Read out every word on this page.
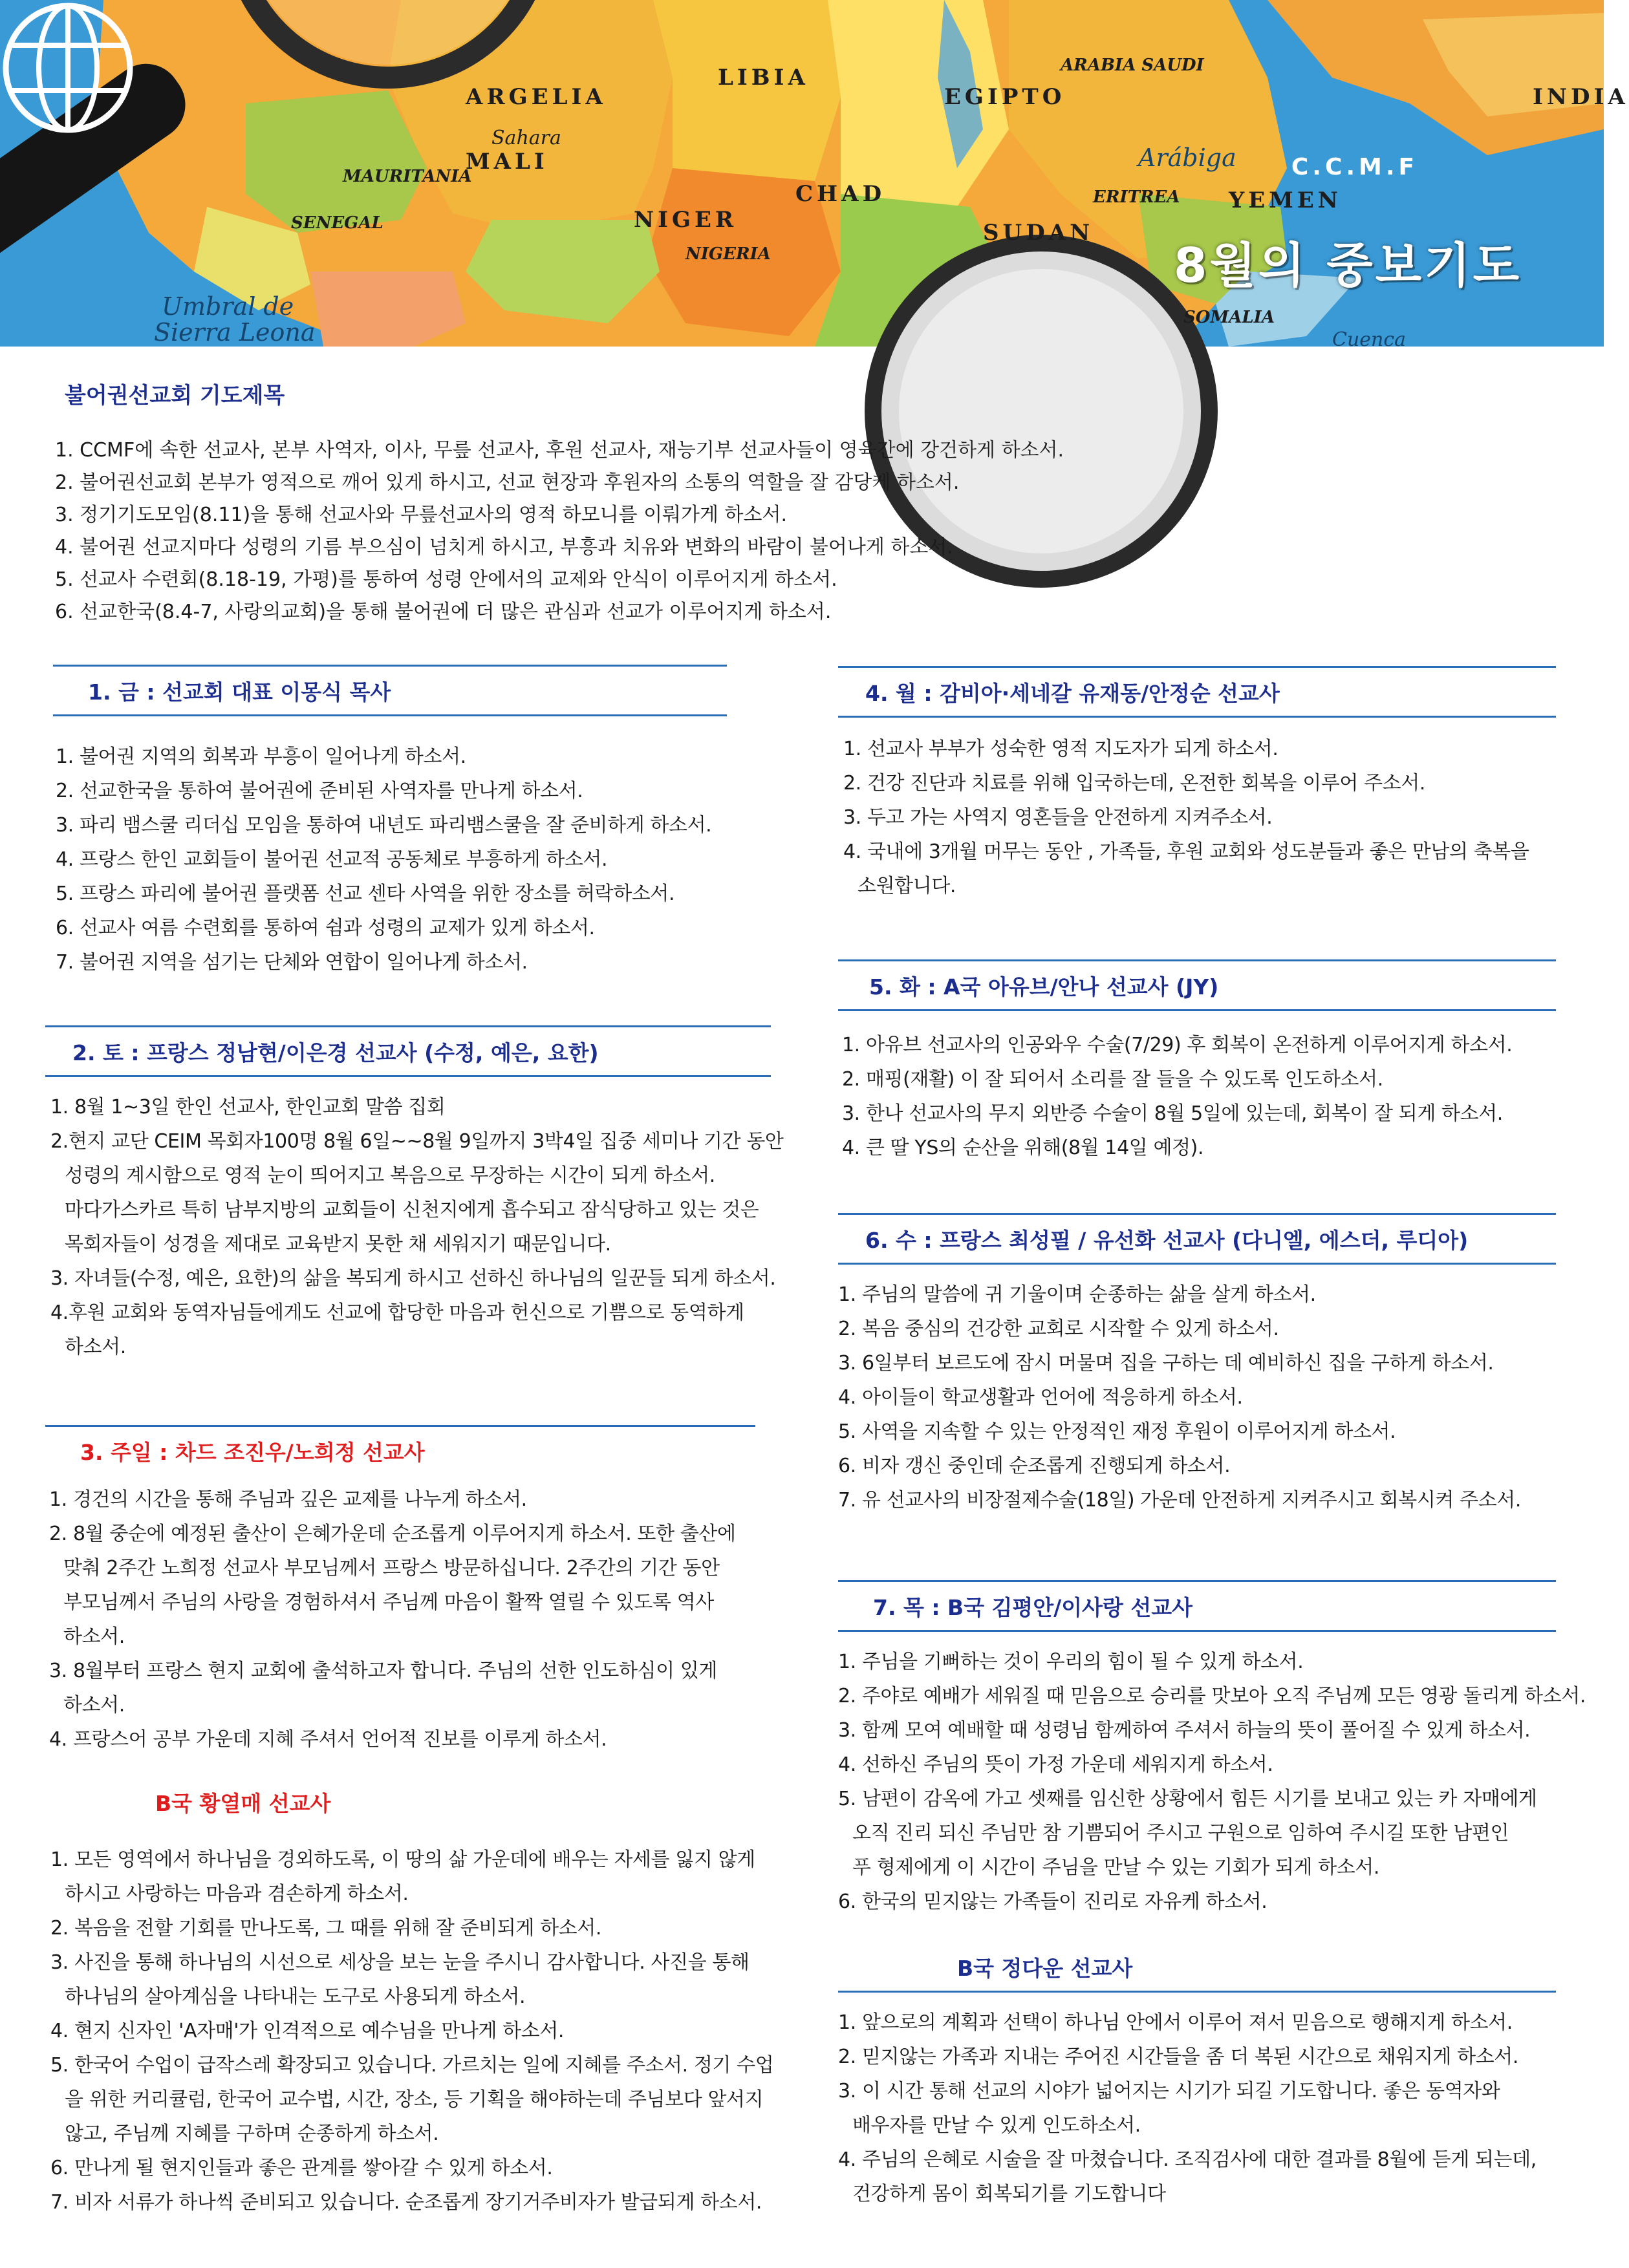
ARGELIA
LIBIA
EGIPTO
NIGER
CHAD
SUDAN
MALI
MAURITANIA
NIGERIA
YEMEN
ARABIA SAUDI
INDIA
SENEGAL
ERITREA
SOMALIA
Sahara
Umbral de
Sierra Leona
Arábiga
Cuenca
C.C.M.F
8월의 중보기도
불어권선교회 기도제목
1. CCMF에 속한 선교사, 본부 사역자, 이사, 무릎 선교사, 후원 선교사, 재능기부 선교사들이 영육간에 강건하게 하소서.
2. 불어권선교회 본부가 영적으로 깨어 있게 하시고, 선교 현장과 후원자의 소통의 역할을 잘 감당케 하소서.
3. 정기기도모임(8.11)을 통해 선교사와 무릎선교사의 영적 하모니를 이뤄가게 하소서.
4. 불어권 선교지마다 성령의 기름 부으심이 넘치게 하시고, 부흥과 치유와 변화의 바람이 불어나게 하소서.
5. 선교사 수련회(8.18-19, 가평)를 통하여 성령 안에서의 교제와 안식이 이루어지게 하소서.
6. 선교한국(8.4-7, 사랑의교회)을 통해 불어권에 더 많은 관심과 선교가 이루어지게 하소서.
1. 금 : 선교회 대표 이몽식 목사
1. 불어권 지역의 회복과 부흥이 일어나게 하소서.
2. 선교한국을 통하여 불어권에 준비된 사역자를 만나게 하소서.
3. 파리 뱀스쿨 리더십 모임을 통하여 내년도 파리뱀스쿨을 잘 준비하게 하소서.
4. 프랑스 한인 교회들이 불어권 선교적 공동체로 부흥하게 하소서.
5. 프랑스 파리에 불어권 플랫폼 선교 센타 사역을 위한 장소를 허락하소서.
6. 선교사 여름 수련회를 통하여 쉼과 성령의 교제가 있게 하소서.
7. 불어권 지역을 섬기는 단체와 연합이 일어나게 하소서.
2. 토 : 프랑스 정남현/이은경 선교사 (수정, 예은, 요한)
1. 8월 1~3일 한인 선교사, 한인교회 말씀 집회
2.현지 교단 CEIM 목회자100명 8월 6일~~8월 9일까지 3박4일 집중 세미나 기간 동안
성령의 계시함으로 영적 눈이 띄어지고 복음으로 무장하는 시간이 되게 하소서.
마다가스카르 특히 남부지방의 교회들이 신천지에게 흡수되고 잠식당하고 있는 것은
목회자들이 성경을 제대로 교육받지 못한 채 세워지기 때문입니다.
3. 자녀들(수정, 예은, 요한)의 삶을 복되게 하시고 선하신 하나님의 일꾼들 되게 하소서.
4.후원 교회와 동역자님들에게도 선교에 합당한 마음과 헌신으로 기쁨으로 동역하게
하소서.
3. 주일 : 차드 조진우/노희정 선교사
1. 경건의 시간을 통해 주님과 깊은 교제를 나누게 하소서.
2. 8월 중순에 예정된 출산이 은혜가운데 순조롭게 이루어지게 하소서. 또한 출산에
맞춰 2주간 노희정 선교사 부모님께서 프랑스 방문하십니다. 2주간의 기간 동안
부모님께서 주님의 사랑을 경험하셔서 주님께 마음이 활짝 열릴 수 있도록 역사
하소서.
3. 8월부터 프랑스 현지 교회에 출석하고자 합니다. 주님의 선한 인도하심이 있게
하소서.
4. 프랑스어 공부 가운데 지혜 주셔서 언어적 진보를 이루게 하소서.
B국 황열매 선교사
1. 모든 영역에서 하나님을 경외하도록, 이 땅의 삶 가운데에 배우는 자세를 잃지 않게
하시고 사랑하는 마음과 겸손하게 하소서.
2. 복음을 전할 기회를 만나도록, 그 때를 위해 잘 준비되게 하소서.
3. 사진을 통해 하나님의 시선으로 세상을 보는 눈을 주시니 감사합니다. 사진을 통해
하나님의 살아계심을 나타내는 도구로 사용되게 하소서.
4. 현지 신자인 'A자매'가 인격적으로 예수님을 만나게 하소서.
5. 한국어 수업이 급작스레 확장되고 있습니다. 가르치는 일에 지혜를 주소서. 정기 수업
을 위한 커리큘럼, 한국어 교수법, 시간, 장소, 등 기획을 해야하는데 주님보다 앞서지
않고, 주님께 지혜를 구하며 순종하게 하소서.
6. 만나게 될 현지인들과 좋은 관계를 쌓아갈 수 있게 하소서.
7. 비자 서류가 하나씩 준비되고 있습니다. 순조롭게 장기거주비자가 발급되게 하소서.
4. 월 : 감비아·세네갈 유재동/안정순 선교사
1. 선교사 부부가 성숙한 영적 지도자가 되게 하소서.
2. 건강 진단과 치료를 위해 입국하는데, 온전한 회복을 이루어 주소서.
3. 두고 가는 사역지 영혼들을 안전하게 지켜주소서.
4. 국내에 3개월 머무는 동안 , 가족들, 후원 교회와 성도분들과 좋은 만남의 축복을
소원합니다.
5. 화 : A국 아유브/안나 선교사 (JY)
1. 아유브 선교사의 인공와우 수술(7/29) 후 회복이 온전하게 이루어지게 하소서.
2. 매핑(재활) 이 잘 되어서 소리를 잘 들을 수 있도록 인도하소서.
3. 한나 선교사의 무지 외반증 수술이 8월 5일에 있는데, 회복이 잘 되게 하소서.
4. 큰 딸 YS의 순산을 위해(8월 14일 예정).
6. 수 : 프랑스 최성필 / 유선화 선교사 (다니엘, 에스더, 루디아)
1. 주님의 말씀에 귀 기울이며 순종하는 삶을 살게 하소서.
2. 복음 중심의 건강한 교회로 시작할 수 있게 하소서.
3. 6일부터 보르도에 잠시 머물며 집을 구하는 데 예비하신 집을 구하게 하소서.
4. 아이들이 학교생활과 언어에 적응하게 하소서.
5. 사역을 지속할 수 있는 안정적인 재정 후원이 이루어지게 하소서.
6. 비자 갱신 중인데 순조롭게 진행되게 하소서.
7. 유 선교사의 비장절제수술(18일) 가운데 안전하게 지켜주시고 회복시켜 주소서.
7. 목 : B국 김평안/이사랑 선교사
1. 주님을 기뻐하는 것이 우리의 힘이 될 수 있게 하소서.
2. 주야로 예배가 세워질 때 믿음으로 승리를 맛보아 오직 주님께 모든 영광 돌리게 하소서.
3. 함께 모여 예배할 때 성령님 함께하여 주셔서 하늘의 뜻이 풀어질 수 있게 하소서.
4. 선하신 주님의 뜻이 가정 가운데 세워지게 하소서.
5. 남편이 감옥에 가고 셋째를 임신한 상황에서 힘든 시기를 보내고 있는 카 자매에게
오직 진리 되신 주님만 참 기쁨되어 주시고 구원으로 임하여 주시길 또한 남편인
푸 형제에게 이 시간이 주님을 만날 수 있는 기회가 되게 하소서.
6. 한국의 믿지않는 가족들이 진리로 자유케 하소서.
B국 정다운 선교사
1. 앞으로의 계획과 선택이 하나님 안에서 이루어 져서 믿음으로 행해지게 하소서.
2. 믿지않는 가족과 지내는 주어진 시간들을 좀 더 복된 시간으로 채워지게 하소서.
3. 이 시간 통해 선교의 시야가 넓어지는 시기가 되길 기도합니다. 좋은 동역자와
배우자를 만날 수 있게 인도하소서.
4. 주님의 은혜로 시술을 잘 마쳤습니다. 조직검사에 대한 결과를 8월에 듣게 되는데,
건강하게 몸이 회복되기를 기도합니다
